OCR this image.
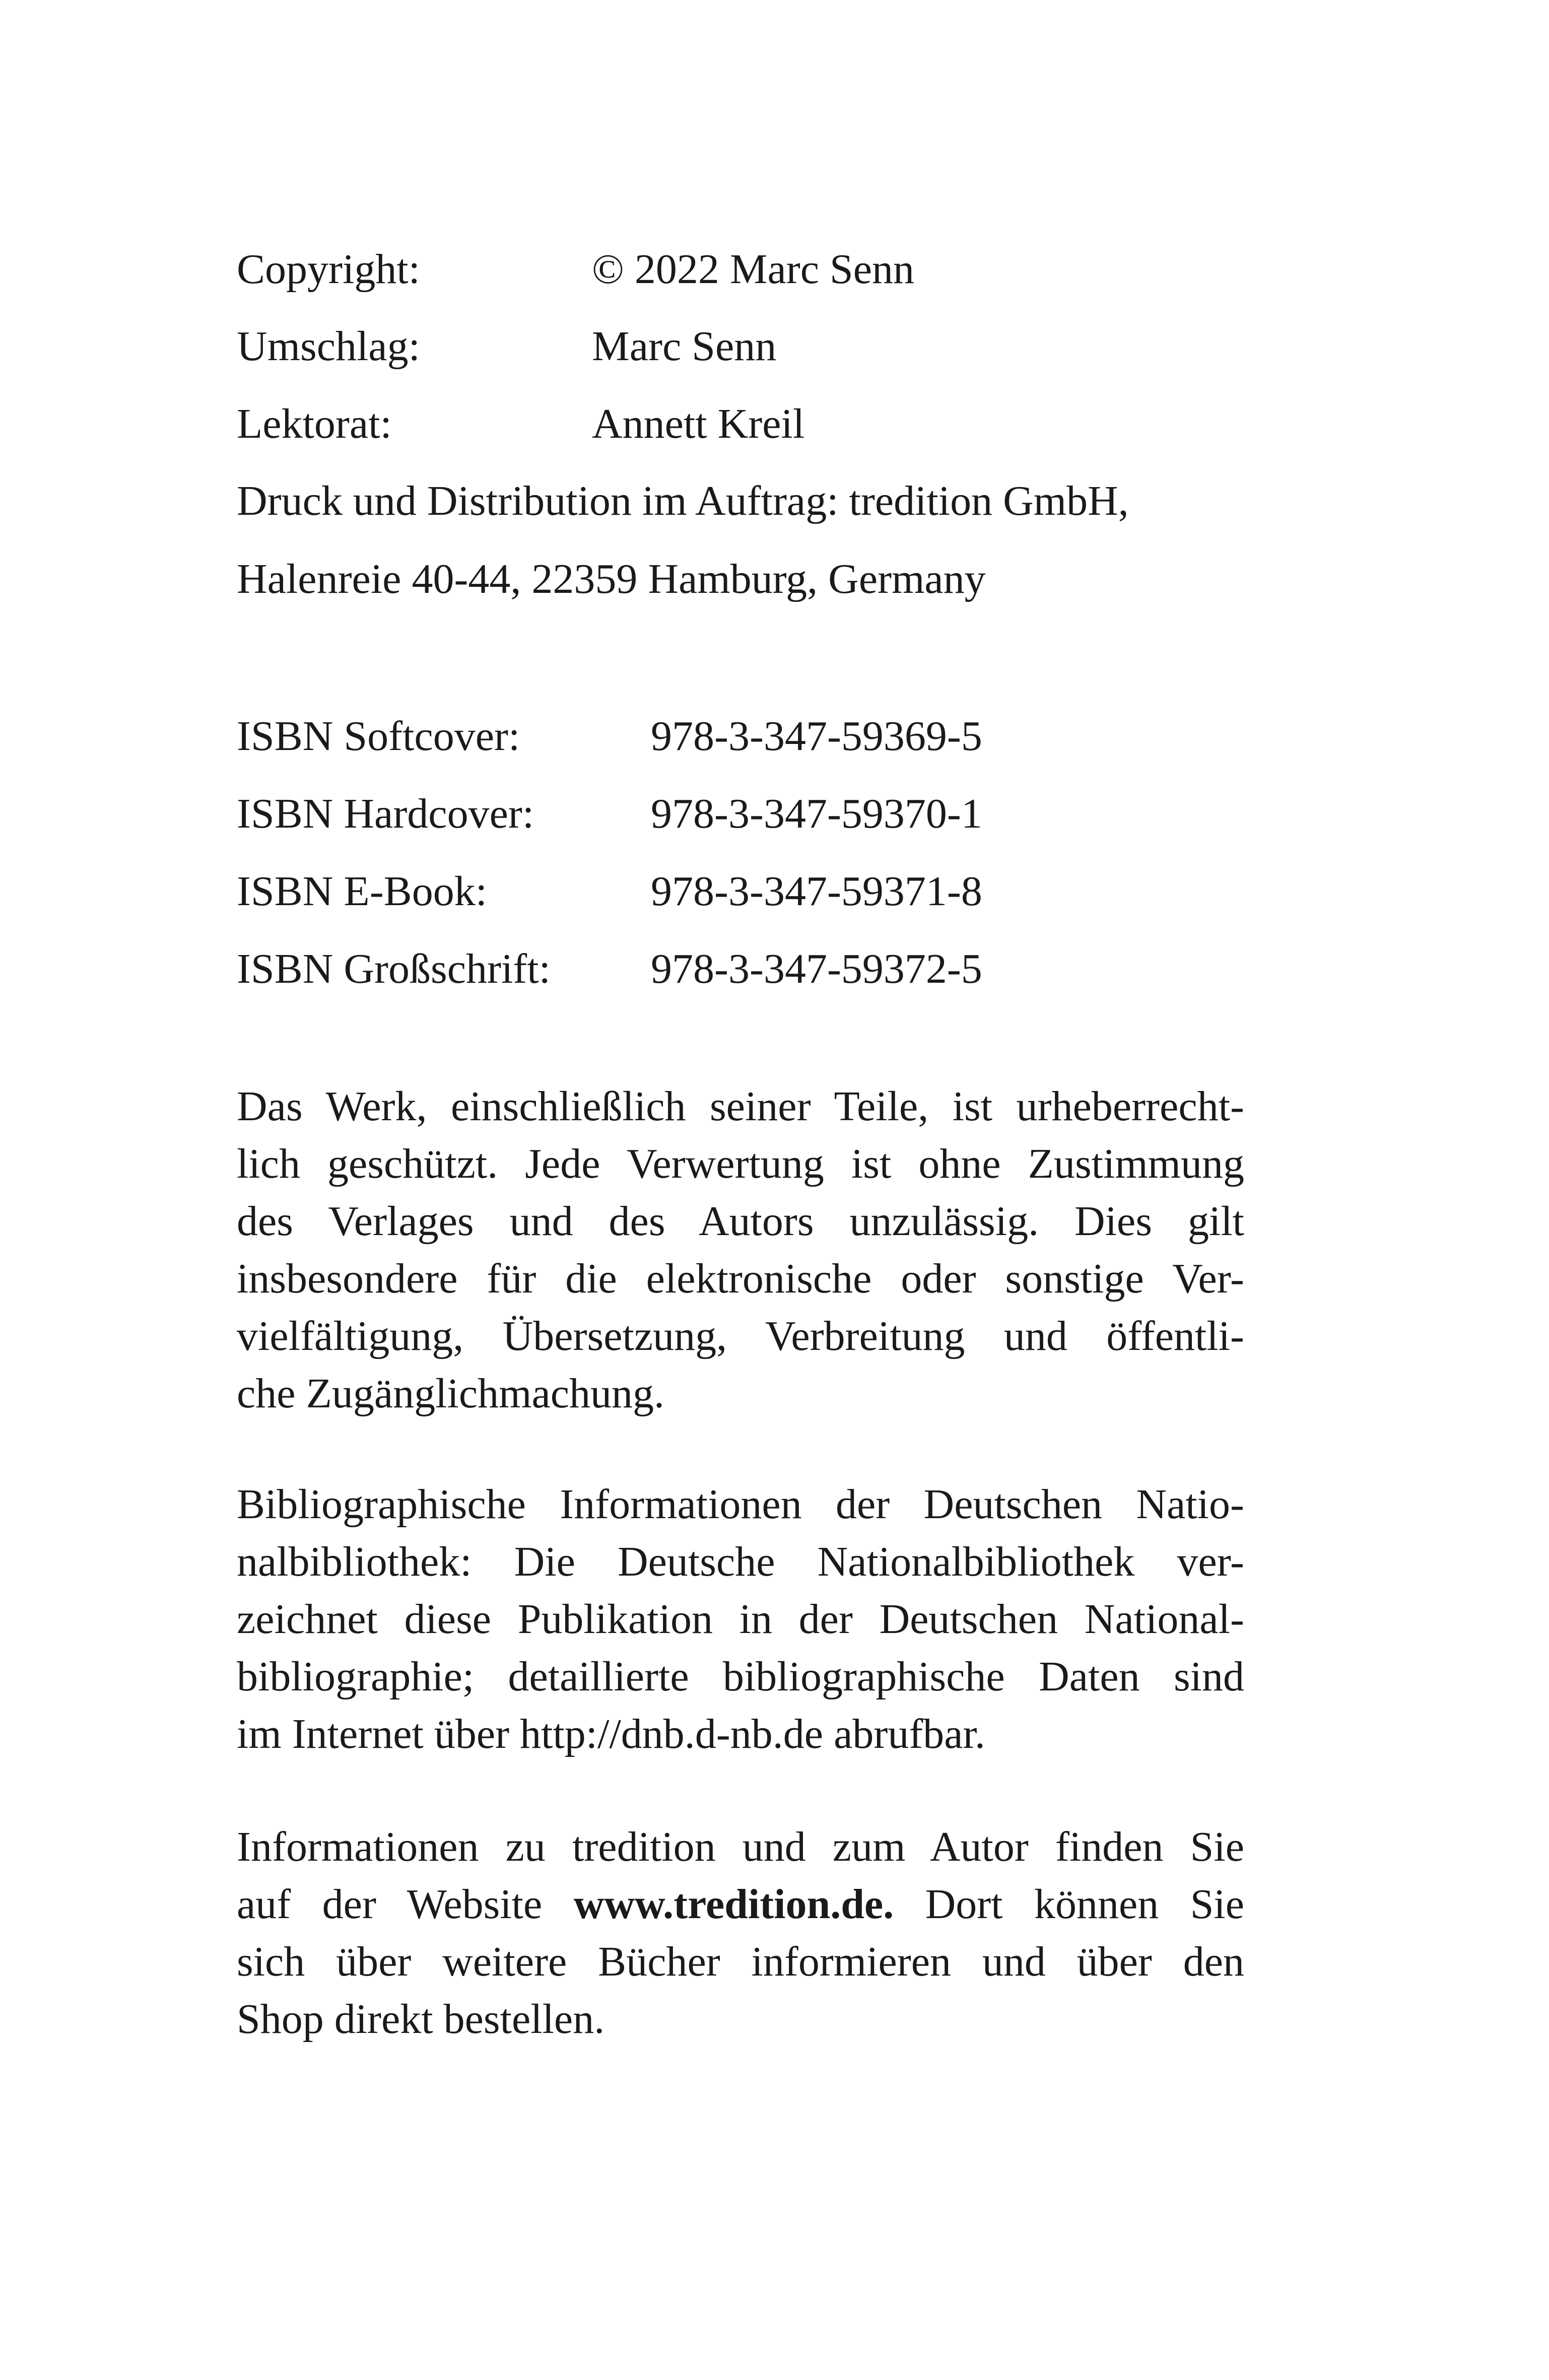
Copyright:	© 2022 Marc Senn
Umschlag:	Marc Senn
Lektorat:	Annett Kreil
Druck und Distribution im Auftrag: tredition GmbH,
Halenreie 40-44, 22359 Hamburg, Germany
ISBN Softcover:	978-3-347-59369-5
ISBN Hardcover:	978-3-347-59370-1
ISBN E-Book:	978-3-347-59371-8
ISBN Großschrift: 978-3-347-59372-5
Das Werk, einschließlich seiner Teile, ist urheberrecht-
lich geschützt. Jede Verwertung ist ohne Zustimmung
des Verlages und des Autors unzulässig. Dies gilt
insbesondere für die elektronische oder sonstige Ver-
vielfältigung, Übersetzung, Verbreitung und öffentli-
che Zugänglichmachung.
Bibliographische Informationen der Deutschen Natio-
nalbibliothek: Die Deutsche Nationalbibliothek ver-
zeichnet diese Publikation in der Deutschen National-
bibliographie; detaillierte bibliographische Daten sind
im Internet über http://dnb.d-nb.de abrufbar.
Informationen zu tredition und zum Autor finden Sie
auf der Website www.tredition.de. Dort können Sie
sich über weitere Bücher informieren und über den
Shop direkt bestellen.
